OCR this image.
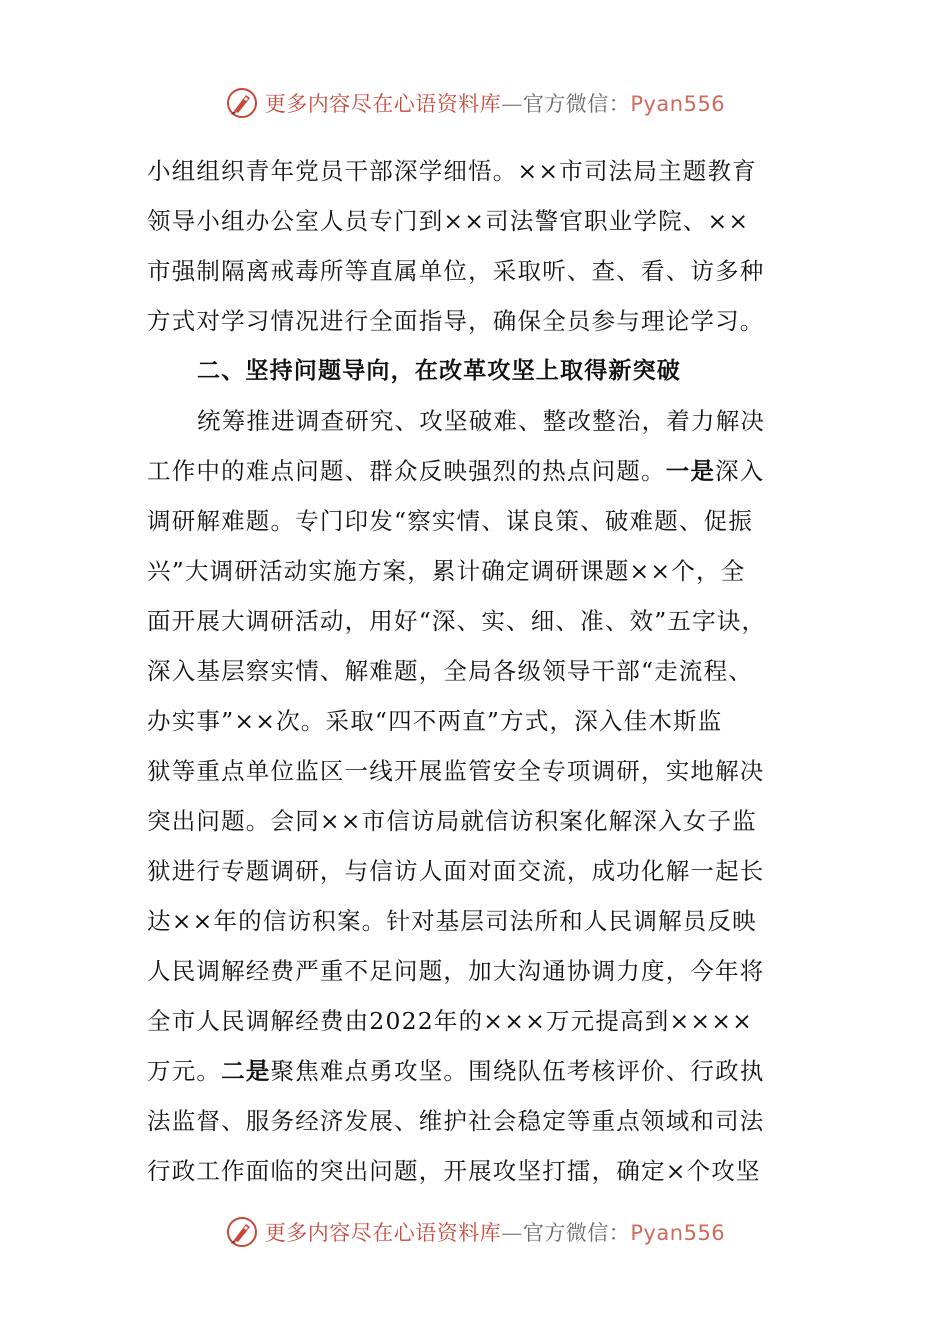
更多内容尽在心语资料库—官方微信：Pyan556
小组组织青年党员干部深学细悟。××市司法局主题教育
领导小组办公室人员专门到××司法警官职业学院、××
市强制隔离戒毒所等直属单位，采取听、查、看、访多种
方式对学习情况进行全面指导，确保全员参与理论学习。
二、坚持问题导向，在改革攻坚上取得新突破
统筹推进调查研究、攻坚破难、整改整治，着力解决
工作中的难点问题、群众反映强烈的热点问题。一是深入
调研解难题。专门印发“察实情、谋良策、破难题、促振
兴”大调研活动实施方案，累计确定调研课题××个，全
面开展大调研活动，用好“深、实、细、准、效”五字诀，
深入基层察实情、解难题，全局各级领导干部“走流程、
办实事”××次。采取“四不两直”方式，深入佳木斯监
狱等重点单位监区一线开展监管安全专项调研，实地解决
突出问题。会同××市信访局就信访积案化解深入女子监
狱进行专题调研，与信访人面对面交流，成功化解一起长
达××年的信访积案。针对基层司法所和人民调解员反映
人民调解经费严重不足问题，加大沟通协调力度，今年将
全市人民调解经费由2022年的×××万元提高到××××
万元。二是聚焦难点勇攻坚。围绕队伍考核评价、行政执
法监督、服务经济发展、维护社会稳定等重点领域和司法
行政工作面临的突出问题，开展攻坚打擂，确定×个攻坚
更多内容尽在心语资料库—官方微信：Pyan556
